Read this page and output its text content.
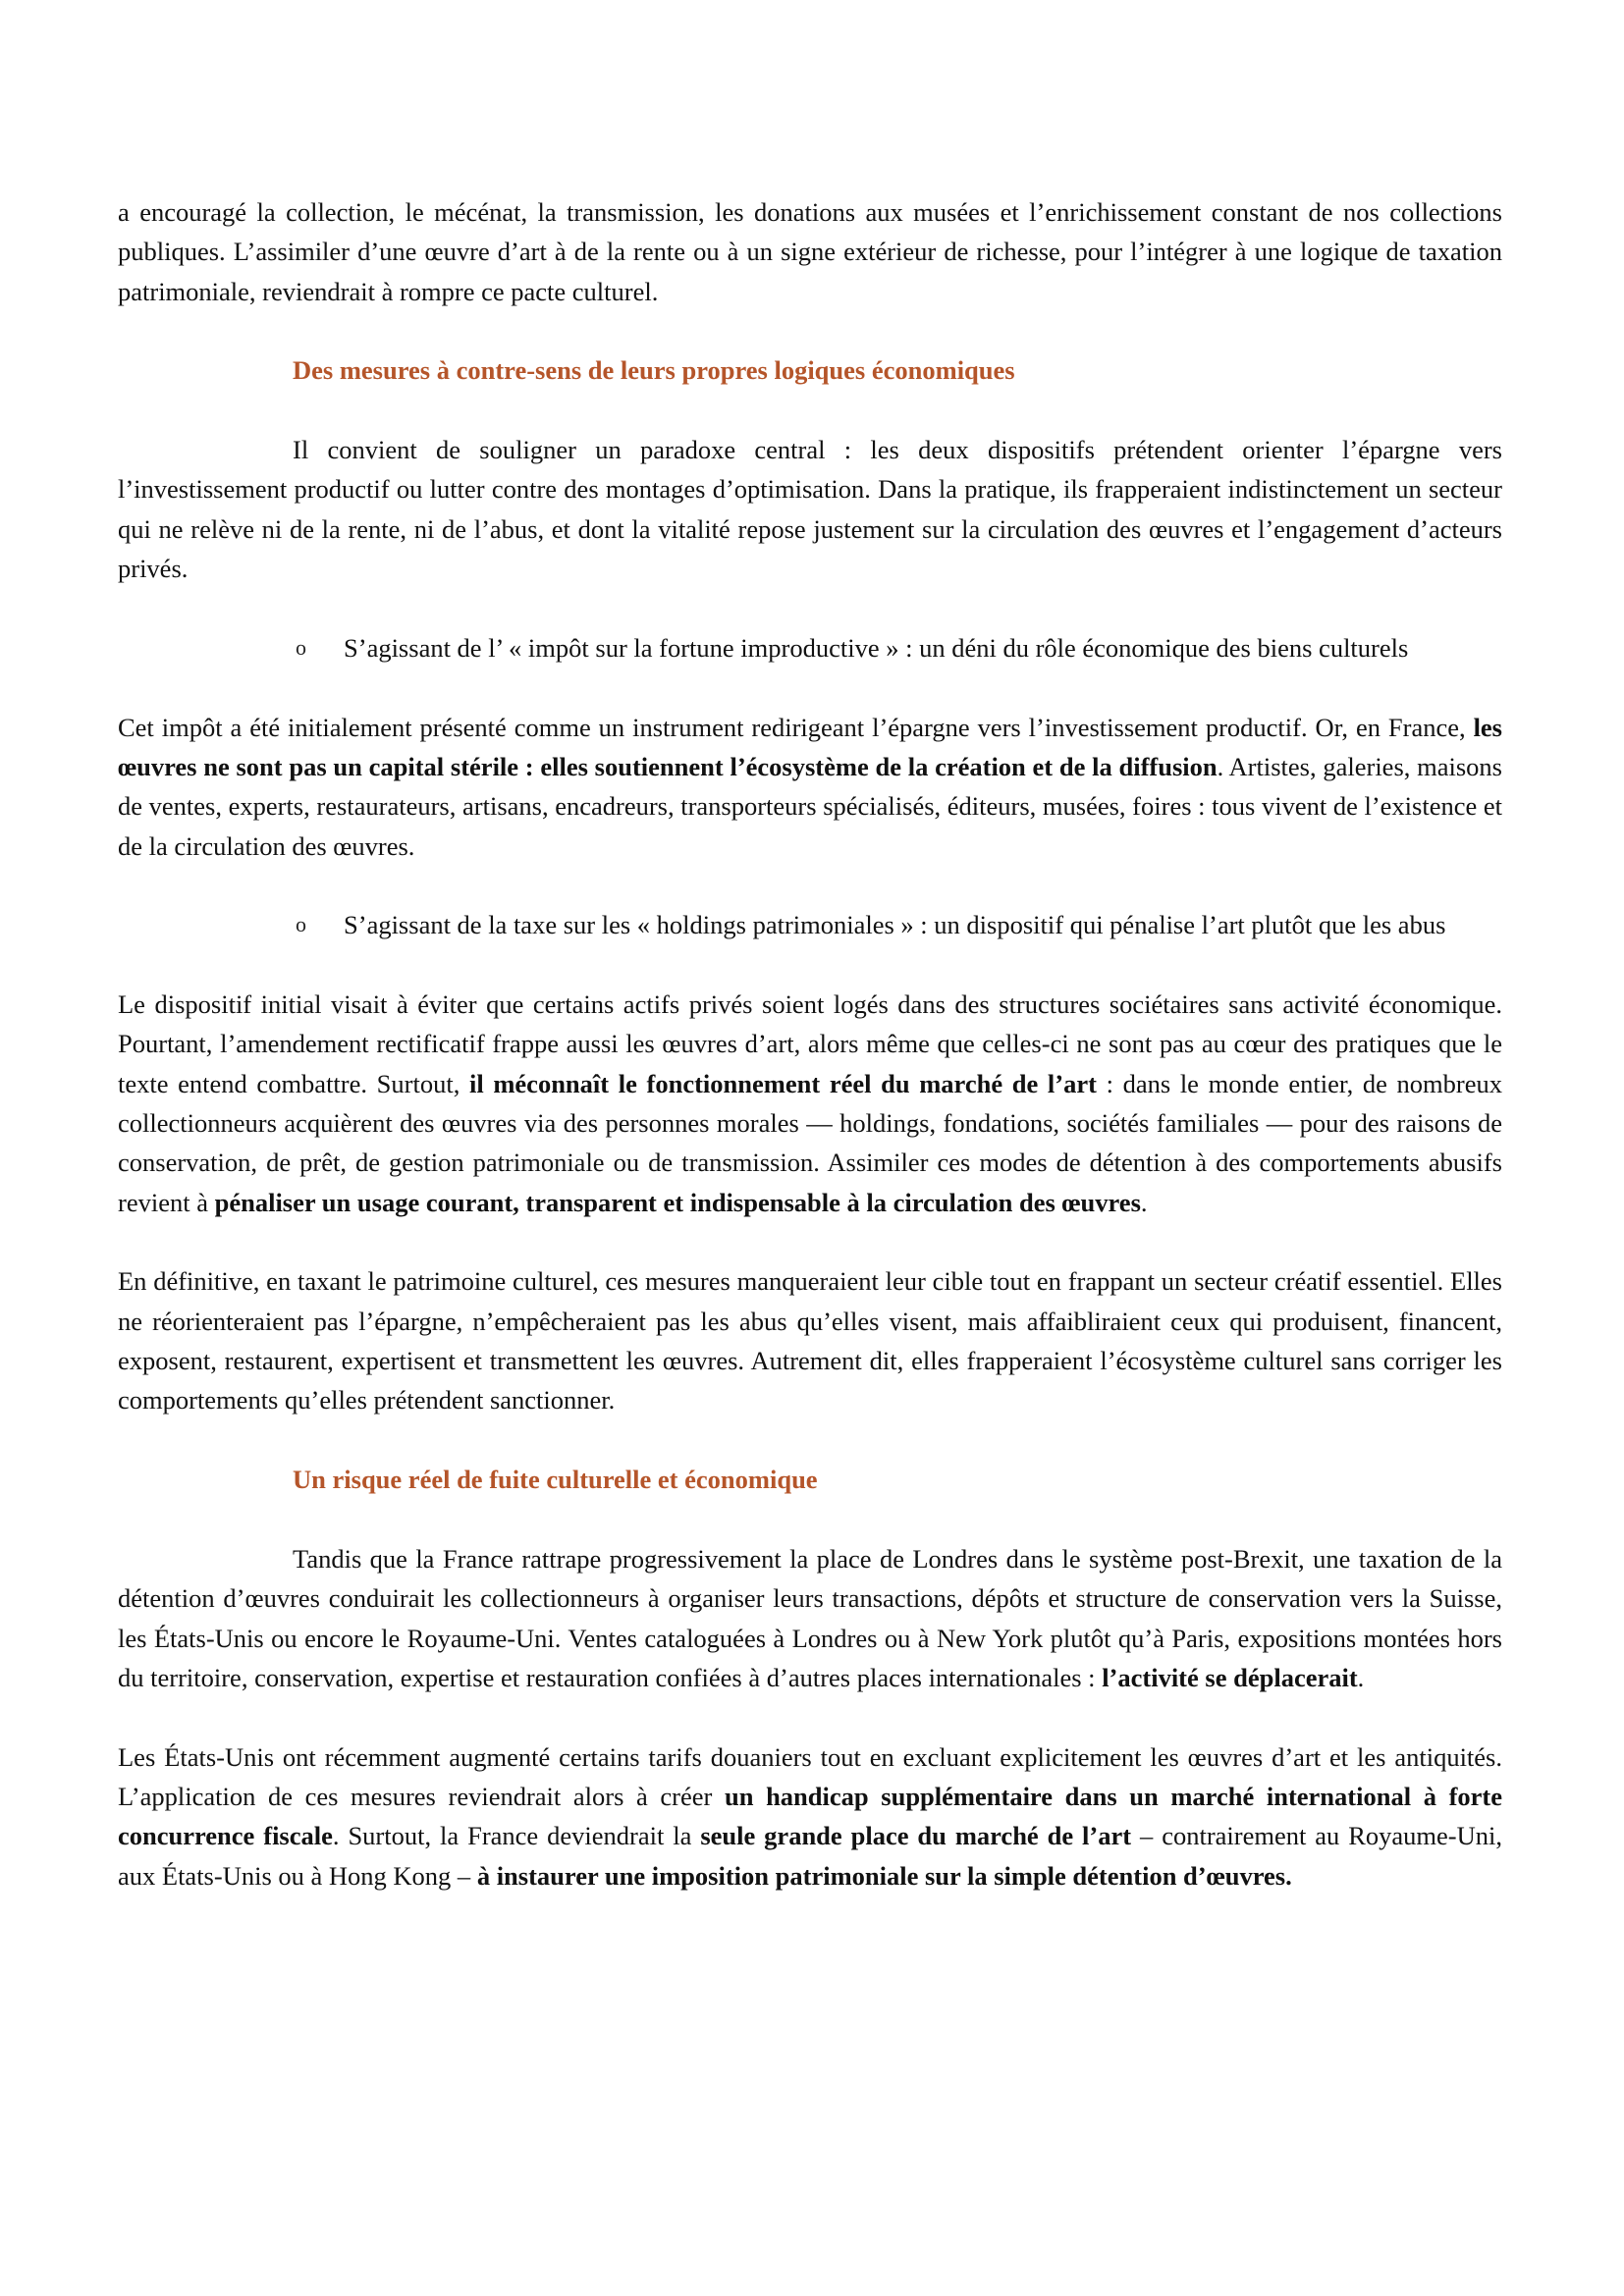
a encouragé la collection, le mécénat, la transmission, les donations aux musées et l’enrichissement constant de nos collections publiques. L’assimiler d’une œuvre d’art à de la rente ou à un signe extérieur de richesse, pour l’intégrer à une logique de taxation patrimoniale, reviendrait à rompre ce pacte culturel.

Des mesures à contre-sens de leurs propres logiques économiques

Il convient de souligner un paradoxe central : les deux dispositifs prétendent orienter l’épargne vers l’investissement productif ou lutter contre des montages d’optimisation. Dans la pratique, ils frapperaient indistinctement un secteur qui ne relève ni de la rente, ni de l’abus, et dont la vitalité repose justement sur la circulation des œuvres et l’engagement d’acteurs privés.

o S’agissant de l’ « impôt sur la fortune improductive » : un déni du rôle économique des biens culturels

Cet impôt a été initialement présenté comme un instrument redirigeant l’épargne vers l’investissement productif. Or, en France, les œuvres ne sont pas un capital stérile : elles soutiennent l’écosystème de la création et de la diffusion. Artistes, galeries, maisons de ventes, experts, restaurateurs, artisans, encadreurs, transporteurs spécialisés, éditeurs, musées, foires : tous vivent de l’existence et de la circulation des œuvres.

o S’agissant de la taxe sur les « holdings patrimoniales » : un dispositif qui pénalise l’art plutôt que les abus

Le dispositif initial visait à éviter que certains actifs privés soient logés dans des structures sociétaires sans activité économique. Pourtant, l’amendement rectificatif frappe aussi les œuvres d’art, alors même que celles-ci ne sont pas au cœur des pratiques que le texte entend combattre. Surtout, il méconnaît le fonctionnement réel du marché de l’art : dans le monde entier, de nombreux collectionneurs acquièrent des œuvres via des personnes morales — holdings, fondations, sociétés familiales — pour des raisons de conservation, de prêt, de gestion patrimoniale ou de transmission. Assimiler ces modes de détention à des comportements abusifs revient à pénaliser un usage courant, transparent et indispensable à la circulation des œuvres.

En définitive, en taxant le patrimoine culturel, ces mesures manqueraient leur cible tout en frappant un secteur créatif essentiel. Elles ne réorienteraient pas l’épargne, n’empêcheraient pas les abus qu’elles visent, mais affaibliraient ceux qui produisent, financent, exposent, restaurent, expertisent et transmettent les œuvres. Autrement dit, elles frapperaient l’écosystème culturel sans corriger les comportements qu’elles prétendent sanctionner.

Un risque réel de fuite culturelle et économique

Tandis que la France rattrape progressivement la place de Londres dans le système post-Brexit, une taxation de la détention d’œuvres conduirait les collectionneurs à organiser leurs transactions, dépôts et structure de conservation vers la Suisse, les États-Unis ou encore le Royaume-Uni. Ventes cataloguées à Londres ou à New York plutôt qu’à Paris, expositions montées hors du territoire, conservation, expertise et restauration confiées à d’autres places internationales : l’activité se déplacerait.

Les États-Unis ont récemment augmenté certains tarifs douaniers tout en excluant explicitement les œuvres d’art et les antiquités. L’application de ces mesures reviendrait alors à créer un handicap supplémentaire dans un marché international à forte concurrence fiscale. Surtout, la France deviendrait la seule grande place du marché de l’art – contrairement au Royaume-Uni, aux États-Unis ou à Hong Kong – à instaurer une imposition patrimoniale sur la simple détention d’œuvres.
